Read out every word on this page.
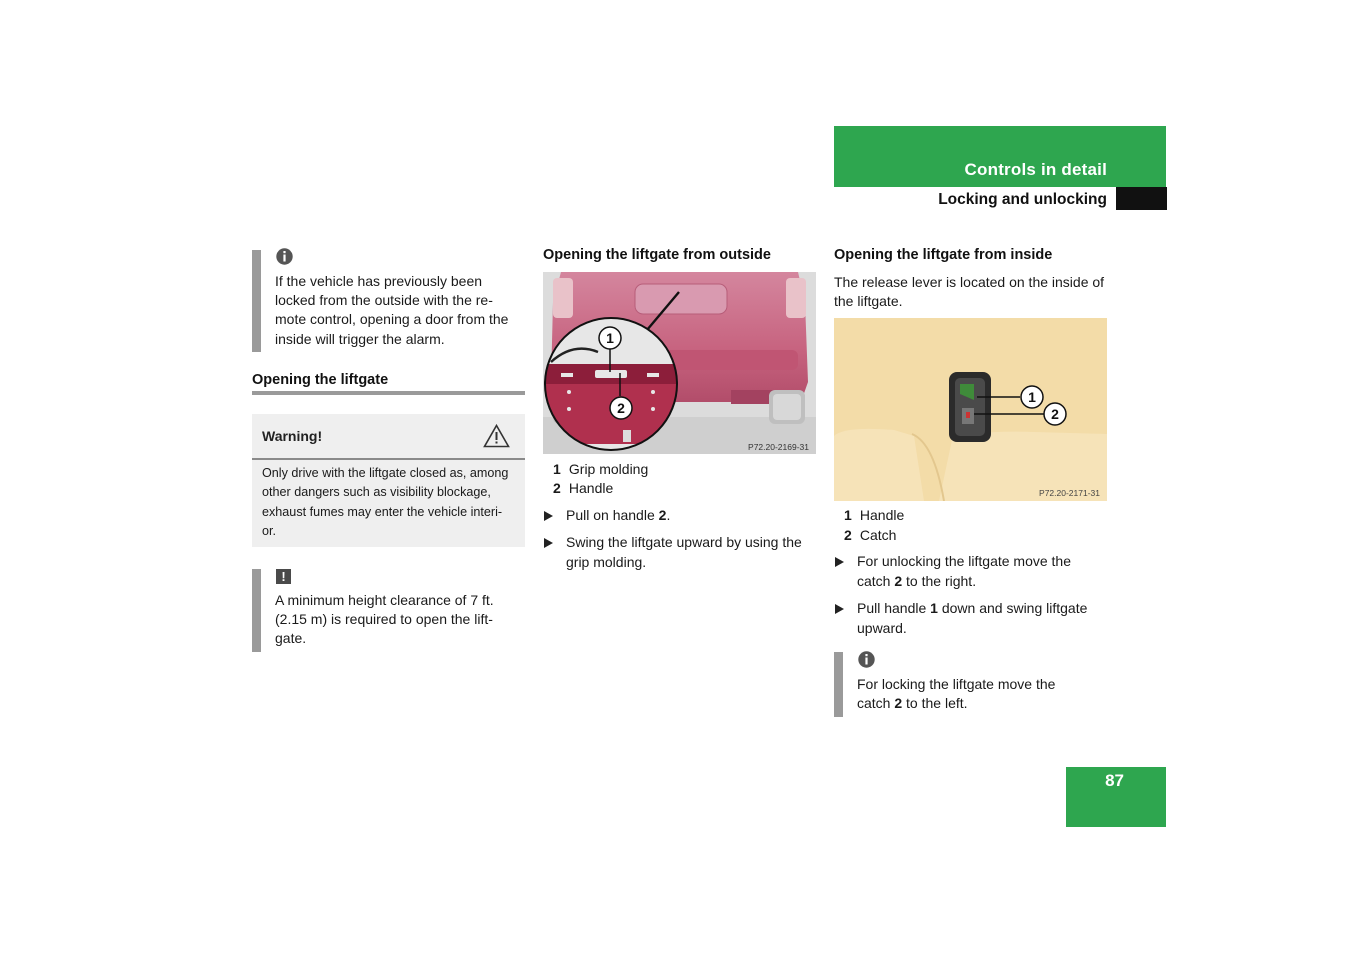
Controls in detail
Locking and unlocking
If the vehicle has previously been
locked from the outside with the re-
mote control, opening a door from the
inside will trigger the alarm.
Opening the liftgate
Warning!
Only drive with the liftgate closed as, among
other dangers such as visibility blockage,
exhaust fumes may enter the vehicle interi-
or.
!
A minimum height clearance of 7 ft.
(2.15 m) is required to open the lift-
gate.
Opening the liftgate from outside
1
2
P72.20-2169-31
1 Grip molding
2 Handle
Pull on handle 2.
Swing the liftgate upward by using the
grip molding.
Opening the liftgate from inside
The release lever is located on the inside of
the liftgate.
1
2
P72.20-2171-31
1 Handle
2 Catch
For unlocking the liftgate move the
catch 2 to the right.
Pull handle 1 down and swing liftgate
upward.
For locking the liftgate move the
catch 2 to the left.
87
